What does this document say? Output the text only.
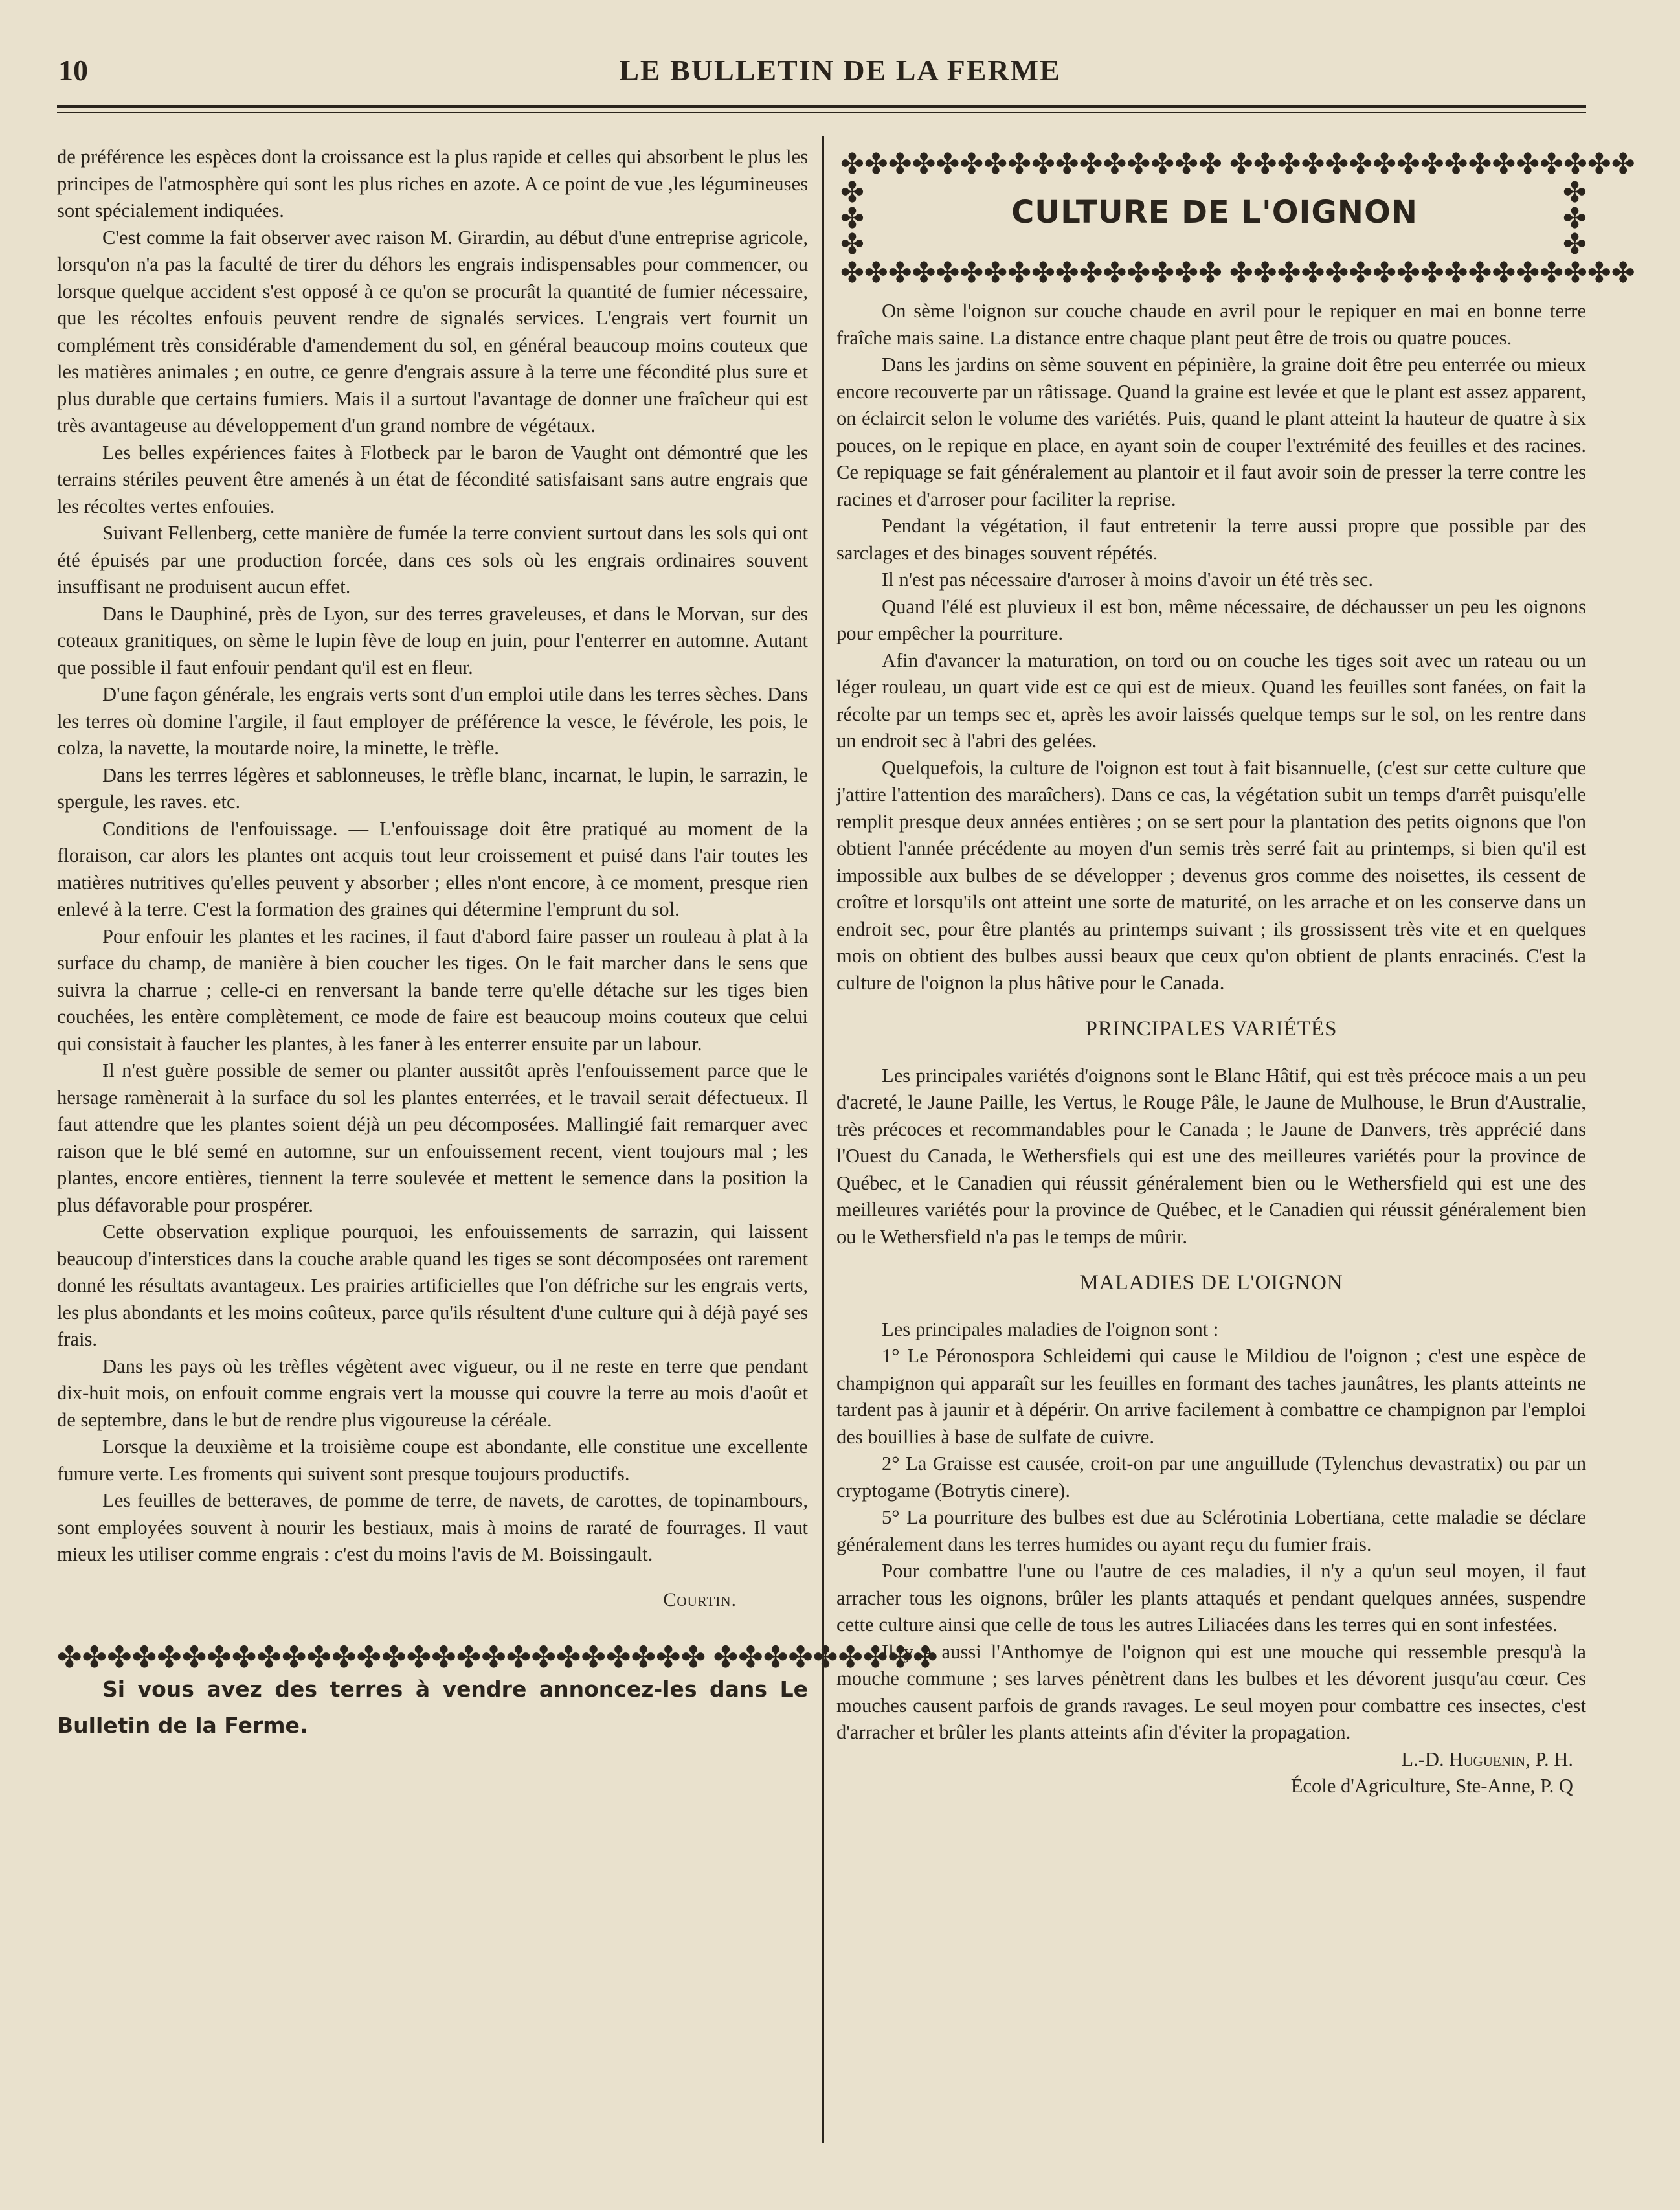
10	LE BULLETIN DE LA FERME

de préférence les espèces dont la croissance est la plus rapide et celles qui absorbent le plus les principes de l'atmosphère qui sont les plus riches en azote. A ce point de vue ,les légumineuses sont spécialement indiquées.

C'est comme la fait observer avec raison M. Girardin, au début d'une entreprise agricole, lorsqu'on n'a pas la faculté de tirer du déhors les engrais indispensables pour commencer, ou lorsque quelque accident s'est opposé à ce qu'on se procurât la quantité de fumier nécessaire, que les récoltes enfouis peuvent rendre de signalés services. L'engrais vert fournit un complément très considérable d'amendement du sol, en général beaucoup moins couteux que les matières animales ; en outre, ce genre d'engrais assure à la terre une fécondité plus sure et plus durable que certains fumiers. Mais il a surtout l'avantage de donner une fraîcheur qui est très avantageuse au développement d'un grand nombre de végétaux.

Les belles expériences faites à Flotbeck par le baron de Vaught ont démontré que les terrains stériles peuvent être amenés à un état de fécondité satisfaisant sans autre engrais que les récoltes vertes enfouies.

Suivant Fellenberg, cette manière de fumée la terre convient surtout dans les sols qui ont été épuisés par une production forcée, dans ces sols où les engrais ordinaires souvent insuffisant ne produisent aucun effet.

Dans le Dauphiné, près de Lyon, sur des terres graveleuses, et dans le Morvan, sur des coteaux granitiques, on sème le lupin fève de loup en juin, pour l'enterrer en automne. Autant que possible il faut enfouir pendant qu'il est en fleur.

D'une façon générale, les engrais verts sont d'un emploi utile dans les terres sèches. Dans les terres où domine l'argile, il faut employer de préférence la vesce, le févérole, les pois, le colza, la navette, la moutarde noire, la minette, le trèfle.

Dans les terrres légères et sablonneuses, le trèfle blanc, incarnat, le lupin, le sarrazin, le spergule, les raves. etc.

Conditions de l'enfouissage. — L'enfouissage doit être pratiqué au moment de la floraison, car alors les plantes ont acquis tout leur croissement et puisé dans l'air toutes les matières nutritives qu'elles peuvent y absorber ; elles n'ont encore, à ce moment, presque rien enlevé à la terre. C'est la formation des graines qui détermine l'emprunt du sol.

Pour enfouir les plantes et les racines, il faut d'abord faire passer un rouleau à plat à la surface du champ, de manière à bien coucher les tiges. On le fait marcher dans le sens que suivra la charrue ; celle-ci en renversant la bande terre qu'elle détache sur les tiges bien couchées, les entère complètement, ce mode de faire est beaucoup moins couteux que celui qui consistait à faucher les plantes, à les faner à les enterrer ensuite par un labour.

Il n'est guère possible de semer ou planter aussitôt après l'enfouissement parce que le hersage ramènerait à la surface du sol les plantes enterrées, et le travail serait défectueux. Il faut attendre que les plantes soient déjà un peu décomposées. Mallingié fait remarquer avec raison que le blé semé en automne, sur un enfouissement recent, vient toujours mal ; les plantes, encore entières, tiennent la terre soulevée et mettent le semence dans la position la plus défavorable pour prospérer.

Cette observation explique pourquoi, les enfouissements de sarrazin, qui laissent beaucoup d'interstices dans la couche arable quand les tiges se sont décomposées ont rarement donné les résultats avantageux. Les prairies artificielles que l'on défriche sur les engrais verts, les plus abondants et les moins coûteux, parce qu'ils résultent d'une culture qui à déjà payé ses frais.

Dans les pays où les trèfles végètent avec vigueur, ou il ne reste en terre que pendant dix-huit mois, on enfouit comme engrais vert la mousse qui couvre la terre au mois d'août et de septembre, dans le but de rendre plus vigoureuse la céréale.

Lorsque la deuxième et la troisième coupe est abondante, elle constitue une excellente fumure verte. Les froments qui suivent sont presque toujours productifs.

Les feuilles de betteraves, de pomme de terre, de navets, de carottes, de topinambours, sont employées souvent à nourir les bestiaux, mais à moins de raraté de fourrages. Il vaut mieux les utiliser comme engrais : c'est du moins l'avis de M. Boissingault.

Courtin.
✤✤✤✤✤✤✤✤✤✤✤✤✤✤✤✤✤✤✤✤✤✤✤✤✤✤ ✤✤✤✤✤✤✤✤✤

Si vous avez des terres à vendre annoncez-les dans Le Bulletin de la Ferme.

✤✤✤✤✤✤✤✤✤✤✤✤✤✤✤✤ ✤✤✤✤✤✤✤✤✤✤✤✤✤✤✤✤✤
✤ ✤ ✤
CULTURE DE L'OIGNON
✤ ✤ ✤
✤✤✤✤✤✤✤✤✤✤✤✤✤✤✤✤ ✤✤✤✤✤✤✤✤✤✤✤✤✤✤✤✤✤

On sème l'oignon sur couche chaude en avril pour le repiquer en mai en bonne terre fraîche mais saine. La distance entre chaque plant peut être de trois ou quatre pouces.

Dans les jardins on sème souvent en pépinière, la graine doit être peu enterrée ou mieux encore recouverte par un râtissage. Quand la graine est levée et que le plant est assez apparent, on éclaircit selon le volume des variétés. Puis, quand le plant atteint la hauteur de quatre à six pouces, on le repique en place, en ayant soin de couper l'extrémité des feuilles et des racines. Ce repiquage se fait généralement au plantoir et il faut avoir soin de presser la terre contre les racines et d'arroser pour faciliter la reprise.

Pendant la végétation, il faut entretenir la terre aussi propre que possible par des sarclages et des binages souvent répétés.

Il n'est pas nécessaire d'arroser à moins d'avoir un été très sec.

Quand l'élé est pluvieux il est bon, même nécessaire, de déchausser un peu les oignons pour empêcher la pourriture.

Afin d'avancer la maturation, on tord ou on couche les tiges soit avec un rateau ou un léger rouleau, un quart vide est ce qui est de mieux. Quand les feuilles sont fanées, on fait la récolte par un temps sec et, après les avoir laissés quelque temps sur le sol, on les rentre dans un endroit sec à l'abri des gelées.

Quelquefois, la culture de l'oignon est tout à fait bisannuelle, (c'est sur cette culture que j'attire l'attention des maraîchers). Dans ce cas, la végétation subit un temps d'arrêt puisqu'elle remplit presque deux années entières ; on se sert pour la plantation des petits oignons que l'on obtient l'année précédente au moyen d'un semis très serré fait au printemps, si bien qu'il est impossible aux bulbes de se développer ; devenus gros comme des noisettes, ils cessent de croître et lorsqu'ils ont atteint une sorte de maturité, on les arrache et on les conserve dans un endroit sec, pour être plantés au printemps suivant ; ils grossissent très vite et en quelques mois on obtient des bulbes aussi beaux que ceux qu'on obtient de plants enracinés. C'est la culture de l'oignon la plus hâtive pour le Canada.

PRINCIPALES VARIÉTÉS

Les principales variétés d'oignons sont le Blanc Hâtif, qui est très précoce mais a un peu d'acreté, le Jaune Paille, les Vertus, le Rouge Pâle, le Jaune de Mulhouse, le Brun d'Australie, très précoces et recommandables pour le Canada ; le Jaune de Danvers, très apprécié dans l'Ouest du Canada, le Wethersfiels qui est une des meilleures variétés pour la province de Québec, et le Canadien qui réussit généralement bien ou le Wethersfield qui est une des meilleures variétés pour la province de Québec, et le Canadien qui réussit généralement bien ou le Wethersfield n'a pas le temps de mûrir.

MALADIES DE L'OIGNON

Les principales maladies de l'oignon sont :

1° Le Péronospora Schleidemi qui cause le Mildiou de l'oignon ; c'est une espèce de champignon qui apparaît sur les feuilles en formant des taches jaunâtres, les plants atteints ne tardent pas à jaunir et à dépérir. On arrive facilement à combattre ce champignon par l'emploi des bouillies à base de sulfate de cuivre.

2° La Graisse est causée, croit-on par une anguillude (Tylenchus devastratix) ou par un cryptogame (Botrytis cinere).

5° La pourriture des bulbes est due au Sclérotinia Lobertiana, cette maladie se déclare généralement dans les terres humides ou ayant reçu du fumier frais.

Pour combattre l'une ou l'autre de ces maladies, il n'y a qu'un seul moyen, il faut arracher tous les oignons, brûler les plants attaqués et pendant quelques années, suspendre cette culture ainsi que celle de tous les autres Liliacées dans les terres qui en sont infestées.

Il y a aussi l'Anthomye de l'oignon qui est une mouche qui ressemble presqu'à la mouche commune ; ses larves pénètrent dans les bulbes et les dévorent jusqu'au cœur. Ces mouches causent parfois de grands ravages. Le seul moyen pour combattre ces insectes, c'est d'arracher et brûler les plants atteints afin d'éviter la propagation.

L.-D. Huguenin, P. H.
École d'Agriculture, Ste-Anne, P. Q
